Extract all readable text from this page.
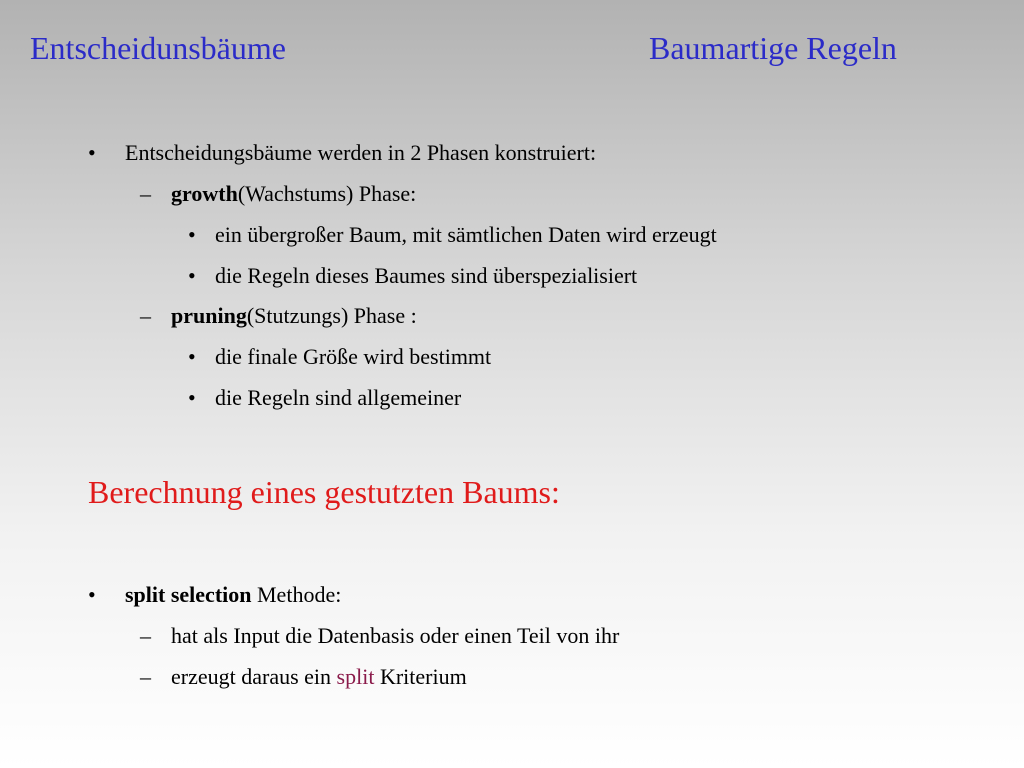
Entscheidunsbäume	Baumartige Regeln
• Entscheidungsbäume werden in 2 Phasen konstruiert:
– growth(Wachstums) Phase:
• ein übergroßer Baum, mit sämtlichen Daten wird erzeugt
• die Regeln dieses Baumes sind überspezialisiert
– pruning(Stutzungs) Phase :
• die finale Größe wird bestimmt
• die Regeln sind allgemeiner
Berechnung eines gestutzten Baums:
• split selection Methode:
– hat als Input die Datenbasis oder einen Teil von ihr
– erzeugt daraus ein split Kriterium
